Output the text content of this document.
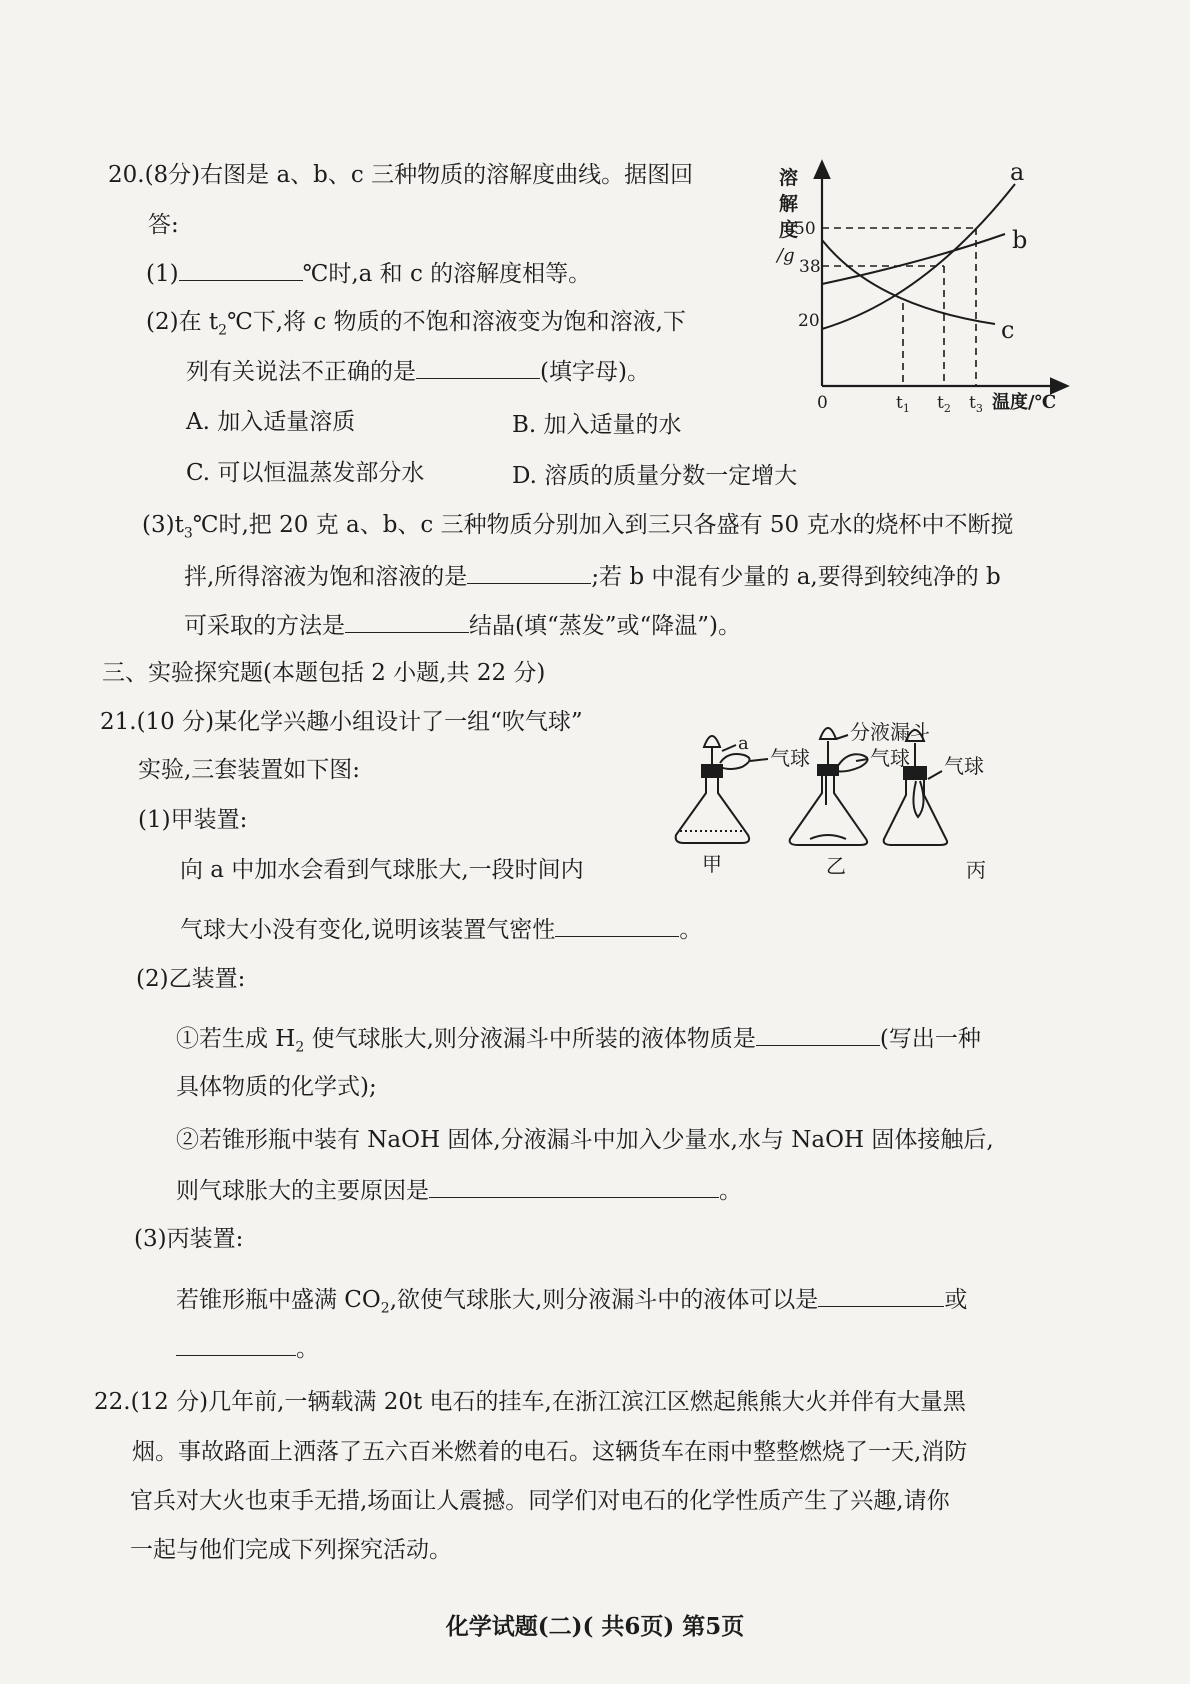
20.(8分)右图是 a、b、c 三种物质的溶解度曲线。据图回
答:
(1)	℃时,a 和 c 的溶解度相等。
(2)在 $t_2℃$下,将 c 物质的不饱和溶液变为饱和溶液,下
列有关说法不正确的是	(填字母)。
A. 加入适量溶质	B. 加入适量的水
C. 可以恒温蒸发部分水	D. 溶质的质量分数一定增大
$(3)t_3℃$时,把 20 克 a、b、c 三种物质分别加入到三只各盛有 50 克水的烧杯中不断搅
拌,所得溶液为饱和溶液的是	;若 b 中混有少量的 a,要得到较纯净的 b
可采取的方法是	结晶(填“蒸发”或“降温”)。
溶
解
度
/g
50
38
20
a
b
c
0	$t_1$ $t_2$ $t_3$ 温度/℃
三、实验探究题(本题包括 2 小题,共 22 分)
21.(10 分)某化学兴趣小组设计了一组“吹气球”
实验,三套装置如下图:
(1)甲装置:
向 a 中加水会看到气球胀大,一段时间内
气球大小没有变化,说明该装置气密性	。
(2)乙装置:
①若生成 $H_2$ 使气球胀大,则分液漏斗中所装的液体物质是	(写出一种
具体物质的化学式);
②若锥形瓶中装有 NaOH 固体,分液漏斗中加入少量水,水与 NaOH 固体接触后,
则气球胀大的主要原因是	。
(3)丙装置:
若锥形瓶中盛满 $CO_2$,欲使气球胀大,则分液漏斗中的液体可以是	或
。
a
气球
分液漏斗
气球 气球
甲	乙	丙
22.(12 分)几年前,一辆载满 20t 电石的挂车,在浙江滨江区燃起熊熊大火并伴有大量黑
烟。事故路面上洒落了五六百米燃着的电石。这辆货车在雨中整整燃烧了一天,消防
官兵对大火也束手无措,场面让人震撼。同学们对电石的化学性质产生了兴趣,请你
一起与他们完成下列探究活动。
化学试题(二)( 共6页) 第5页
